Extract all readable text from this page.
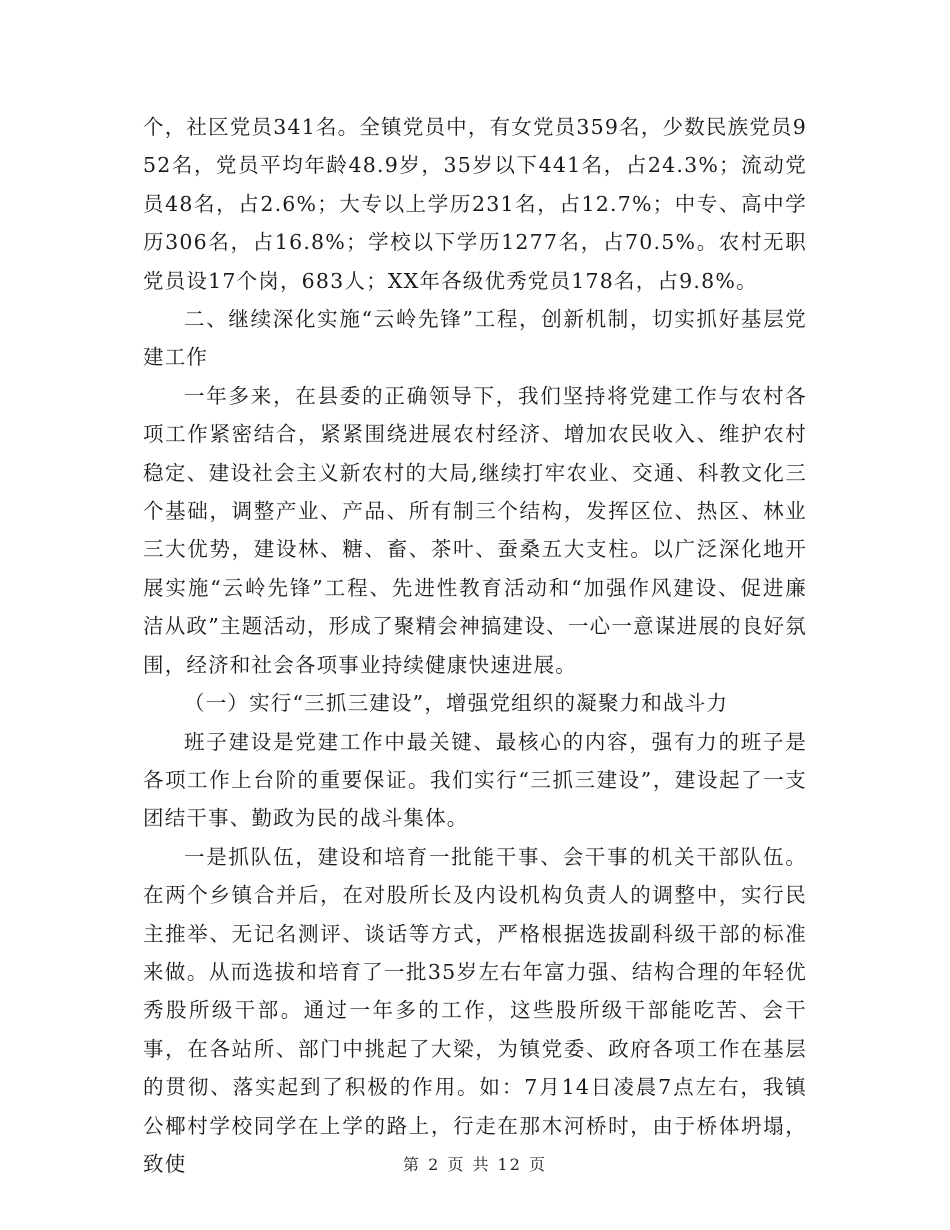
个，社区党员341名。全镇党员中，有女党员359名，少数民族党员952名，党员平均年龄48.9岁，35岁以下441名，占24.3%；流动党员48名，占2.6%；大专以上学历231名，占12.7%；中专、高中学历306名，占16.8%；学校以下学历1277名，占70.5%。农村无职党员设17个岗，683人；XX年各级优秀党员178名，占9.8%。

二、继续深化实施“云岭先锋”工程，创新机制，切实抓好基层党建工作

一年多来，在县委的正确领导下，我们坚持将党建工作与农村各项工作紧密结合，紧紧围绕进展农村经济、增加农民收入、维护农村稳定、建设社会主义新农村的大局,继续打牢农业、交通、科教文化三个基础，调整产业、产品、所有制三个结构，发挥区位、热区、林业三大优势，建设林、糖、畜、茶叶、蚕桑五大支柱。以广泛深化地开展实施“云岭先锋”工程、先进性教育活动和“加强作风建设、促进廉洁从政”主题活动，形成了聚精会神搞建设、一心一意谋进展的良好氛围，经济和社会各项事业持续健康快速进展。

（一）实行“三抓三建设”，增强党组织的凝聚力和战斗力

班子建设是党建工作中最关键、最核心的内容，强有力的班子是各项工作上台阶的重要保证。我们实行“三抓三建设”，建设起了一支团结干事、勤政为民的战斗集体。

一是抓队伍，建设和培育一批能干事、会干事的机关干部队伍。在两个乡镇合并后，在对股所长及内设机构负责人的调整中，实行民主推举、无记名测评、谈话等方式，严格根据选拔副科级干部的标准来做。从而选拔和培育了一批35岁左右年富力强、结构合理的年轻优秀股所级干部。通过一年多的工作，这些股所级干部能吃苦、会干事，在各站所、部门中挑起了大梁，为镇党委、政府各项工作在基层的贯彻、落实起到了积极的作用。如：7月14日凌晨7点左右，我镇公椰村学校同学在上学的路上，行走在那木河桥时，由于桥体坍塌，致使	第 2 页 共 12 页
